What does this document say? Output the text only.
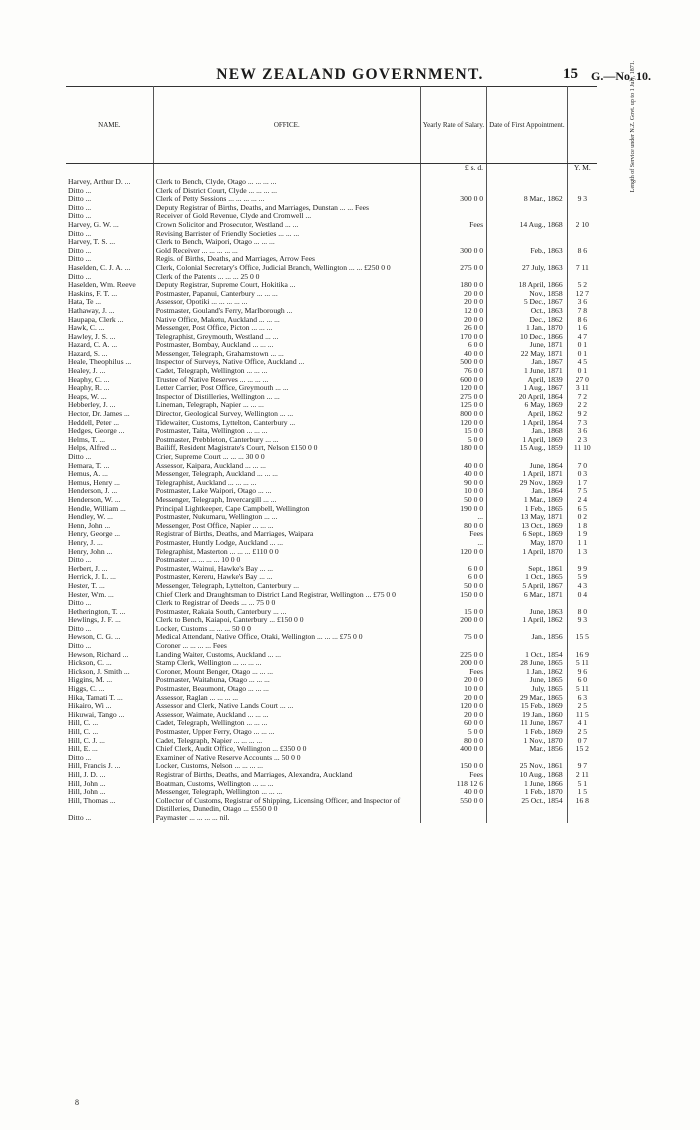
NEW ZEALAND GOVERNMENT.	15 G.—No. 10.
NAME.	OFFICE.	Yearly Rate of Salary.	Date of First Appointment.	Length of Service under N.Z. Govt. up to 1 July, 1871.
		£ s. d.		Y. M.
Harvey, Arthur D. ...	Clerk to Bench, Clyde, Otago ... ... ... ...			
Ditto ...	Clerk of District Court, Clyde ... ... ... ...			
Ditto ...	Clerk of Petty Sessions ... ... ... ... ...	300 0 0	8 Mar., 1862	9 3
Ditto ...	Deputy Registrar of Births, Deaths, and Marriages, Dunstan ... ... Fees			
Ditto ...	Receiver of Gold Revenue, Clyde and Cromwell ...			
Harvey, G. W. ...	Crown Solicitor and Prosecutor, Westland ... ...	Fees	14 Aug., 1868	2 10
Ditto ...	Revising Barrister of Friendly Societies ... ... ...			
Harvey, T. S. ...	Clerk to Bench, Waipori, Otago ... ... ...			
Ditto ...	Gold Receiver ... ... ... ... ...	300 0 0	Feb., 1863	8 6
Ditto ...	Regis. of Births, Deaths, and Marriages, Arrow Fees			
Haselden, C. J. A. ...	Clerk, Colonial Secretary's Office, Judicial Branch, Wellington ... ... £250 0 0	275 0 0	27 July, 1863	7 11
Ditto ...	Clerk of the Patents ... ... ... 25 0 0			
Haselden, Wm. Reeve	Deputy Registrar, Supreme Court, Hokitika ...	180 0 0	18 April, 1866	5 2
Haskins, F. T. ...	Postmaster, Papanui, Canterbury ... ... ...	20 0 0	Nov., 1858	12 7
Hata, Te ...	Assessor, Opotiki ... ... ... ... ...	20 0 0	5 Dec., 1867	3 6
Hathaway, J. ...	Postmaster, Gouland's Ferry, Marlborough ...	12 0 0	Oct., 1863	7 8
Haupapa, Clerk ...	Native Office, Maketu, Auckland ... ... ...	20 0 0	Dec., 1862	8 6
Hawk, C. ...	Messenger, Post Office, Picton ... ... ...	26 0 0	1 Jan., 1870	1 6
Hawley, J. S. ...	Telegraphist, Greymouth, Westland ... ...	170 0 0	10 Dec., 1866	4 7
Hazard, C. A. ...	Postmaster, Bombay, Auckland ... ... ...	6 0 0	June, 1871	0 1
Hazard, S. ...	Messenger, Telegraph, Grahamstown ... ...	40 0 0	22 May, 1871	0 1
Heale, Theophilus ...	Inspector of Surveys, Native Office, Auckland ...	500 0 0	Jan., 1867	4 5
Healey, J. ...	Cadet, Telegraph, Wellington ... ... ...	76 0 0	1 June, 1871	0 1
Heaphy, C. ...	Trustee of Native Reserves ... ... ... ...	600 0 0	April, 1839	27 0
Heaphy, R. ...	Letter Carrier, Post Office, Greymouth ... ...	120 0 0	1 Aug., 1867	3 11
Heaps, W. ...	Inspector of Distilleries, Wellington ... ...	275 0 0	20 April, 1864	7 2
Hebberley, J. ...	Lineman, Telegraph, Napier ... ... ...	125 0 0	6 May, 1869	2 2
Hector, Dr. James ...	Director, Geological Survey, Wellington ... ...	800 0 0	April, 1862	9 2
Heddell, Peter ...	Tidewaiter, Customs, Lyttelton, Canterbury ...	120 0 0	1 April, 1864	7 3
Hedges, George ...	Postmaster, Taita, Wellington ... ... ...	15 0 0	Jan., 1868	3 6
Helms, T. ...	Postmaster, Prebbleton, Canterbury ... ...	5 0 0	1 April, 1869	2 3
Helps, Alfred ...	Bailiff, Resident Magistrate's Court, Nelson £150 0 0	180 0 0	15 Aug., 1859	11 10
Ditto ...	Crier, Supreme Court ... ... ... 30 0 0			
Hemara, T. ...	Assessor, Kaipara, Auckland ... ... ...	40 0 0	June, 1864	7 0
Hemus, A. ...	Messenger, Telegraph, Auckland ... ... ...	40 0 0	1 April, 1871	0 3
Hemus, Henry ...	Telegraphist, Auckland ... ... ... ...	90 0 0	29 Nov., 1869	1 7
Henderson, J. ...	Postmaster, Lake Waipori, Otago ... ...	10 0 0	Jan., 1864	7 5
Henderson, W. ...	Messenger, Telegraph, Invercargill ... ...	50 0 0	1 Mar., 1869	2 4
Hendle, William ...	Principal Lightkeeper, Cape Campbell, Wellington	190 0 0	1 Feb., 1865	6 5
Hendley, W. ...	Postmaster, Nukumaru, Wellington ... ...	...	13 May, 1871	0 2
Henn, John ...	Messenger, Post Office, Napier ... ... ...	80 0 0	13 Oct., 1869	1 8
Henry, George ...	Registrar of Births, Deaths, and Marriages, Waipara	Fees	6 Sept., 1869	1 9
Henry, J. ...	Postmaster, Huntly Lodge, Auckland ... ...	...	May, 1870	1 1
Henry, John ...	Telegraphist, Masterton ... ... ... £110 0 0	120 0 0	1 April, 1870	1 3
Ditto ...	Postmaster ... ... ... ... 10 0 0			
Herbert, J. ...	Postmaster, Wainui, Hawke's Bay ... ...	6 0 0	Sept., 1861	9 9
Herrick, J. L. ...	Postmaster, Kereru, Hawke's Bay ... ...	6 0 0	1 Oct., 1865	5 9
Hester, T. ...	Messenger, Telegraph, Lyttelton, Canterbury ...	50 0 0	5 April, 1867	4 3
Hester, Wm. ...	Chief Clerk and Draughtsman to District Land Registrar, Wellington ... £75 0 0	150 0 0	6 Mar., 1871	0 4
Ditto ...	Clerk to Registrar of Deeds ... ... 75 0 0			
Hetherington, T. ...	Postmaster, Rakaia South, Canterbury ... ...	15 0 0	June, 1863	8 0
Hewlings, J. F. ...	Clerk to Bench, Kaiapoi, Canterbury ... £150 0 0	200 0 0	1 April, 1862	9 3
Ditto ...	Locker, Customs ... ... ... 50 0 0			
Hewson, C. G. ...	Medical Attendant, Native Office, Otaki, Wellington ... ... ... £75 0 0	75 0 0	Jan., 1856	15 5
Ditto ...	Coroner ... ... ... ... Fees			
Hewson, Richard ...	Landing Waiter, Customs, Auckland ... ...	225 0 0	1 Oct., 1854	16 9
Hickson, C. ...	Stamp Clerk, Wellington ... ... ... ...	200 0 0	28 June, 1865	5 11
Hickson, J. Smith ...	Coroner, Mount Benger, Otago ... ... ...	Fees	1 Jan., 1862	9 6
Higgins, M. ...	Postmaster, Waitahuna, Otago ... ... ...	20 0 0	June, 1865	6 0
Higgs, C. ...	Postmaster, Beaumont, Otago ... ... ...	10 0 0	July, 1865	5 11
Hika, Tamati T. ...	Assessor, Raglan ... ... ... ...	20 0 0	29 Mar., 1865	6 3
Hikairo, Wi ...	Assessor and Clerk, Native Lands Court ... ...	120 0 0	15 Feb., 1869	2 5
Hikuwai, Tango ...	Assessor, Waimate, Auckland ... ... ...	20 0 0	19 Jan., 1860	11 5
Hill, C. ...	Cadet, Telegraph, Wellington ... ... ...	60 0 0	11 June, 1867	4 1
Hill, C. ...	Postmaster, Upper Ferry, Otago ... ... ...	5 0 0	1 Feb., 1869	2 5
Hill, C. J. ...	Cadet, Telegraph, Napier ... ... ... ...	80 0 0	1 Nov., 1870	0 7
Hill, E. ...	Chief Clerk, Audit Office, Wellington ... £350 0 0	400 0 0	Mar., 1856	15 2
Ditto ...	Examiner of Native Reserve Accounts ... 50 0 0			
Hill, Francis J. ...	Locker, Customs, Nelson ... ... ... ...	150 0 0	25 Nov., 1861	9 7
Hill, J. D. ...	Registrar of Births, Deaths, and Marriages, Alexandra, Auckland	Fees	10 Aug., 1868	2 11
Hill, John ...	Boatman, Customs, Wellington ... ... ...	118 12 6	1 June, 1866	5 1
Hill, John ...	Messenger, Telegraph, Wellington ... ... ...	40 0 0	1 Feb., 1870	1 5
Hill, Thomas ...	Collector of Customs, Registrar of Shipping, Licensing Officer, and Inspector of Distilleries, Dunedin, Otago ... £550 0 0	550 0 0	25 Oct., 1854	16 8
Ditto ...	Paymaster ... ... ... ... nil.			
8
